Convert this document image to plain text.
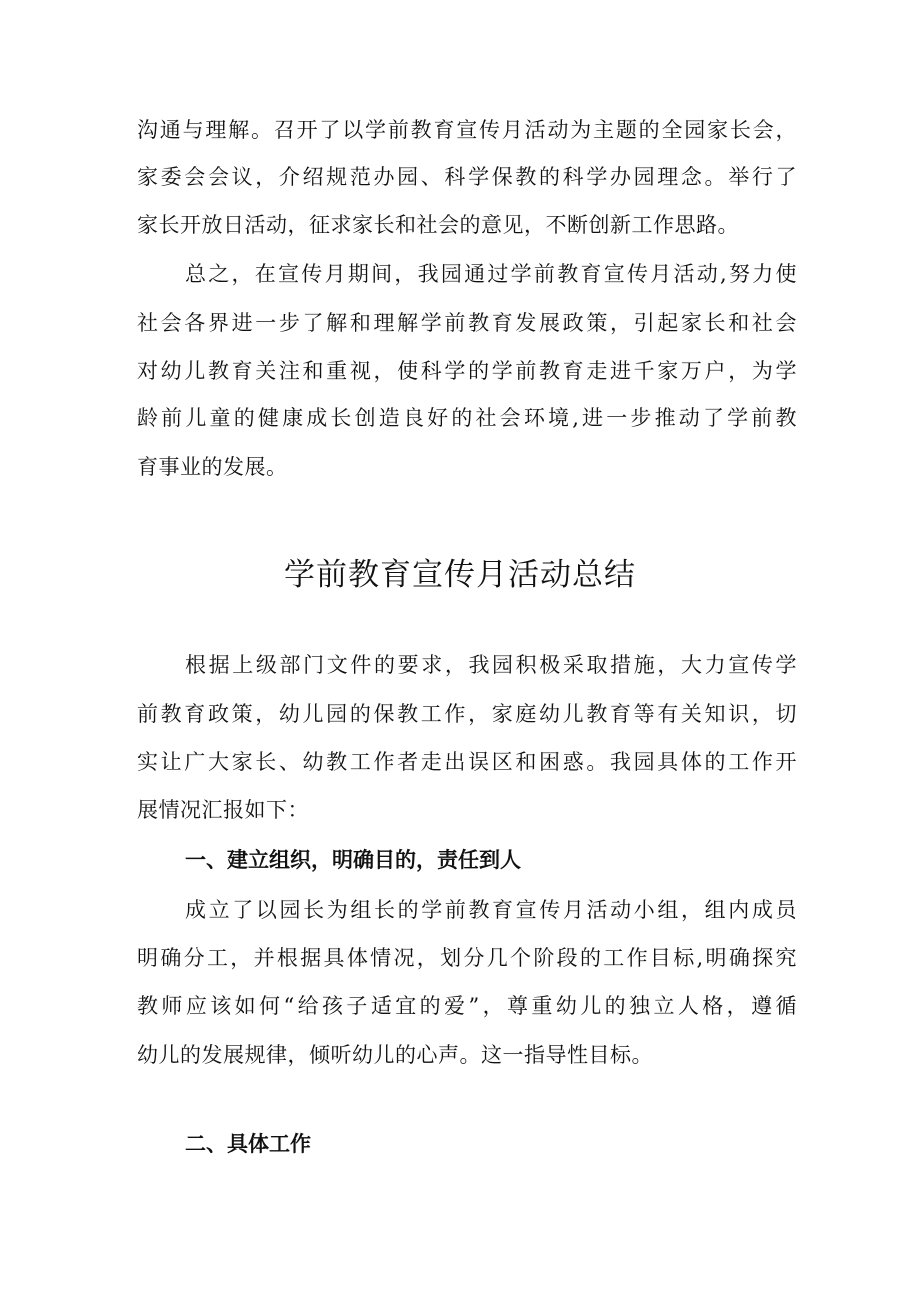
沟通与理解。召开了以学前教育宣传月活动为主题的全园家长会，
家委会会议，介绍规范办园、科学保教的科学办园理念。举行了
家长开放日活动，征求家长和社会的意见，不断创新工作思路。
总之，在宣传月期间，我园通过学前教育宣传月活动,努力使
社会各界进一步了解和理解学前教育发展政策，引起家长和社会
对幼儿教育关注和重视，使科学的学前教育走进千家万户，为学
龄前儿童的健康成长创造良好的社会环境,进一步推动了学前教
育事业的发展。
学前教育宣传月活动总结
根据上级部门文件的要求，我园积极采取措施，大力宣传学
前教育政策，幼儿园的保教工作，家庭幼儿教育等有关知识，切
实让广大家长、幼教工作者走出误区和困惑。我园具体的工作开
展情况汇报如下：
一、建立组织，明确目的，责任到人
成立了以园长为组长的学前教育宣传月活动小组，组内成员
明确分工，并根据具体情况，划分几个阶段的工作目标,明确探究
教师应该如何“给孩子适宜的爱”，尊重幼儿的独立人格，遵循
幼儿的发展规律，倾听幼儿的心声。这一指导性目标。
二、具体工作
